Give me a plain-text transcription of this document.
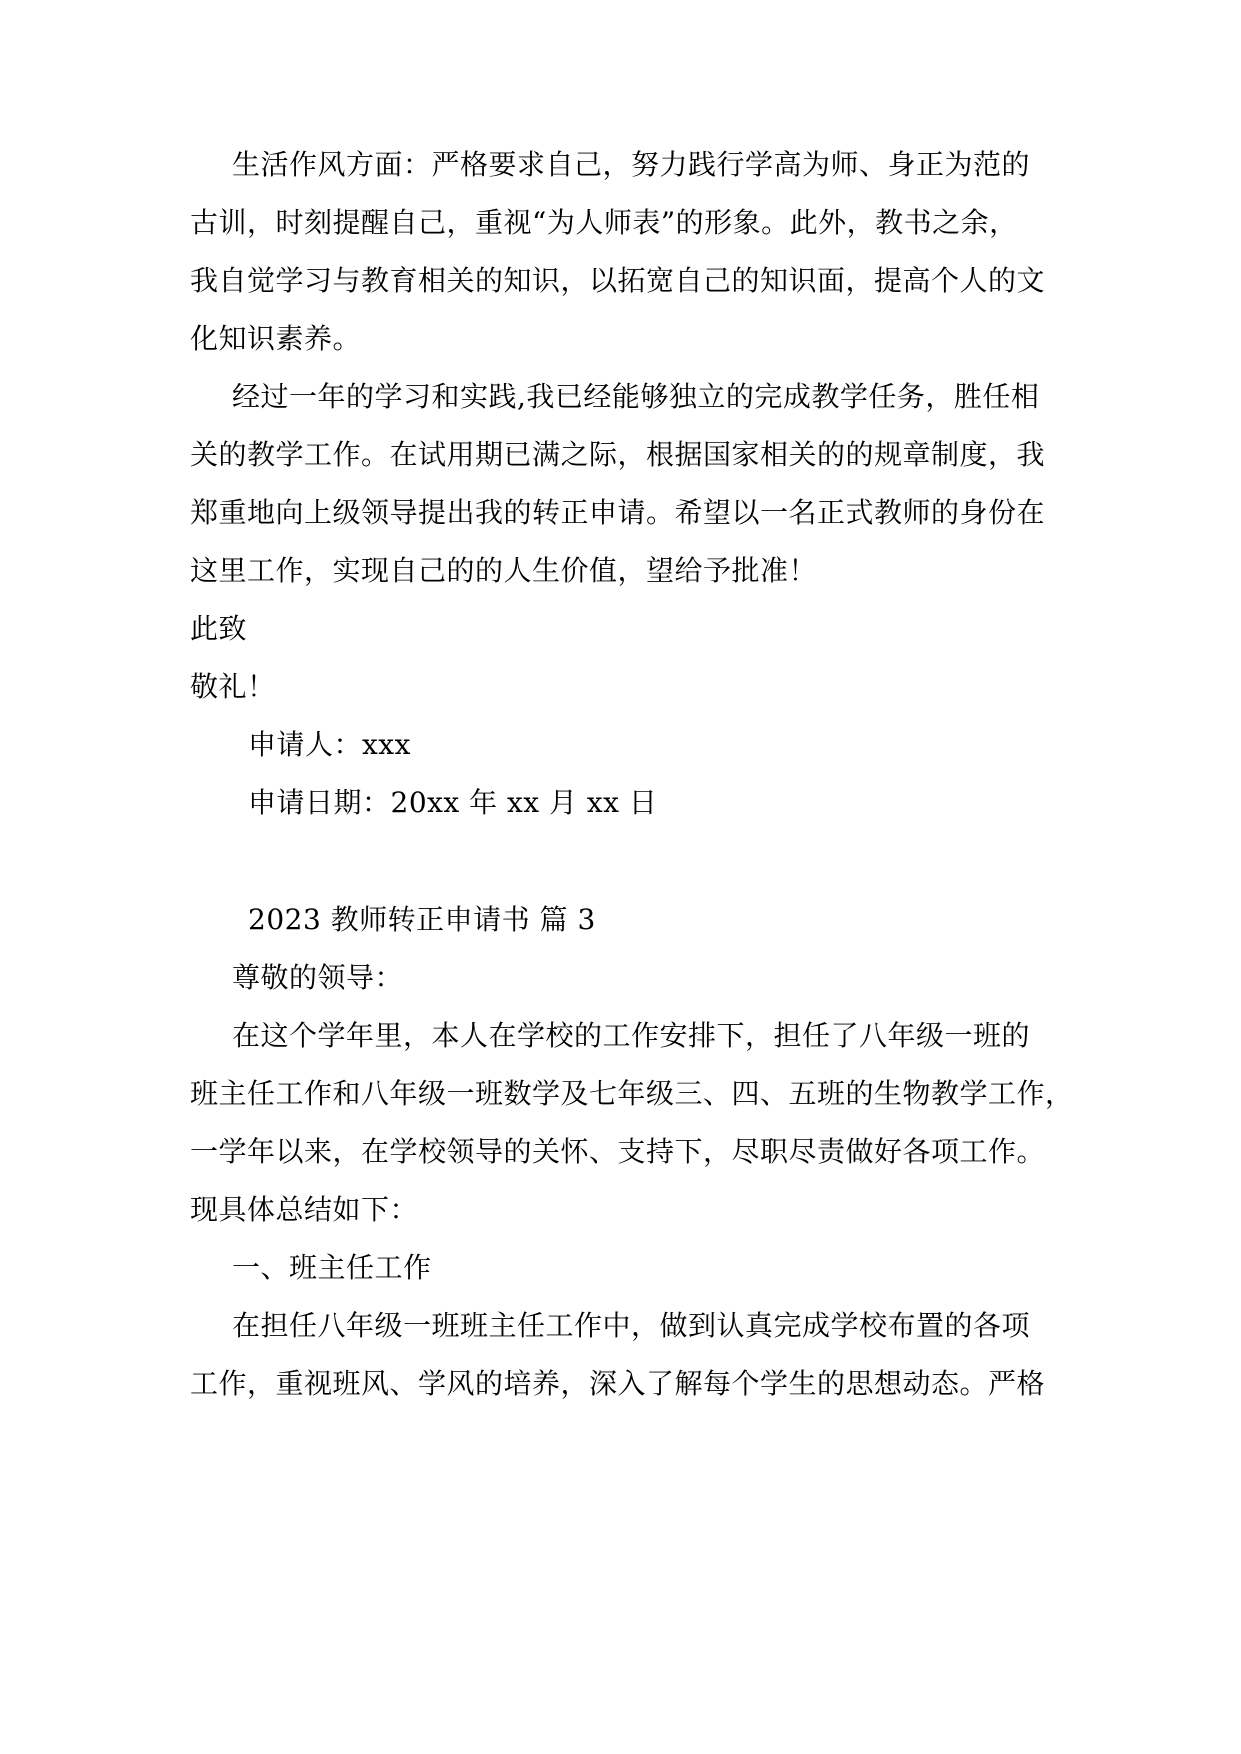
生活作风方面：严格要求自己，努力践行学高为师、身正为范的
古训，时刻提醒自己，重视“为人师表”的形象。此外，教书之余，
我自觉学习与教育相关的知识，以拓宽自己的知识面，提高个人的文
化知识素养。
经过一年的学习和实践,我已经能够独立的完成教学任务，胜任相
关的教学工作。在试用期已满之际，根据国家相关的的规章制度，我
郑重地向上级领导提出我的转正申请。希望以一名正式教师的身份在
这里工作，实现自己的的人生价值，望给予批准！
此致
敬礼！
申请人：xxx
申请日期：20xx 年 xx 月 xx 日
2023 教师转正申请书 篇 3
尊敬的领导：
在这个学年里，本人在学校的工作安排下，担任了八年级一班的
班主任工作和八年级一班数学及七年级三、四、五班的生物教学工作，
一学年以来，在学校领导的关怀、支持下，尽职尽责做好各项工作。
现具体总结如下：
一、班主任工作
在担任八年级一班班主任工作中，做到认真完成学校布置的各项
工作，重视班风、学风的培养，深入了解每个学生的思想动态。严格
